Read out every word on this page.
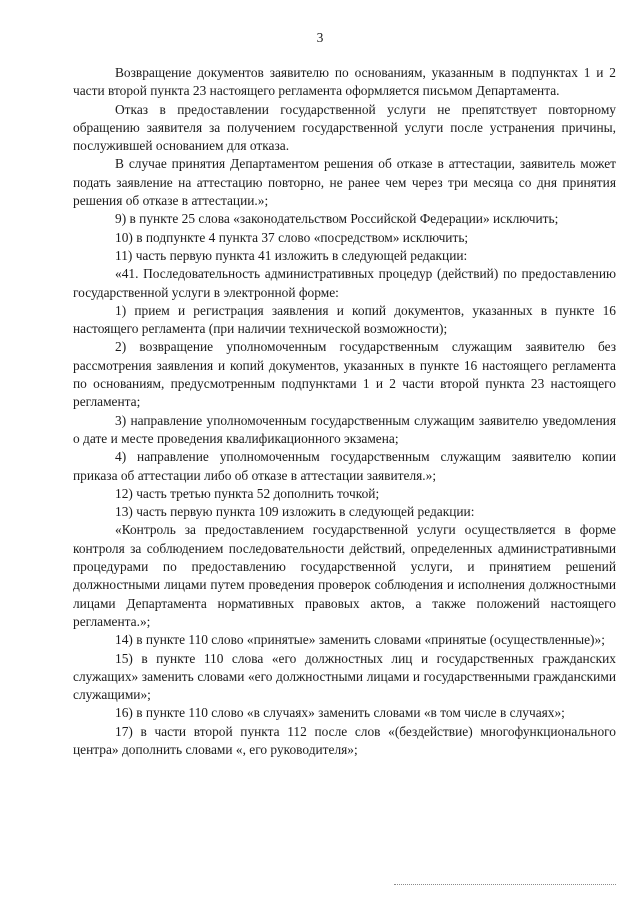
3

Возвращение документов заявителю по основаниям, указанным в подпунктах 1 и 2 части второй пункта 23 настоящего регламента оформляется письмом Департамента.

Отказ в предоставлении государственной услуги не препятствует повторному обращению заявителя за получением государственной услуги после устранения причины, послужившей основанием для отказа.

В случае принятия Департаментом решения об отказе в аттестации, заявитель может подать заявление на аттестацию повторно, не ранее чем через три месяца со дня принятия решения об отказе в аттестации.»;

9) в пункте 25 слова «законодательством Российской Федерации» исключить;

10) в подпункте 4 пункта 37 слово «посредством» исключить;

11) часть первую пункта 41 изложить в следующей редакции:

«41. Последовательность административных процедур (действий) по предоставлению государственной услуги в электронной форме:

1) прием и регистрация заявления и копий документов, указанных в пункте 16 настоящего регламента (при наличии технической возможности);

2) возвращение уполномоченным государственным служащим заявителю без рассмотрения заявления и копий документов, указанных в пункте 16 настоящего регламента по основаниям, предусмотренным подпунктами 1 и 2 части второй пункта 23 настоящего регламента;

3) направление уполномоченным государственным служащим заявителю уведомления о дате и месте проведения квалификационного экзамена;

4) направление уполномоченным государственным служащим заявителю копии приказа об аттестации либо об отказе в аттестации заявителя.»;

12) часть третью пункта 52 дополнить точкой;

13) часть первую пункта 109 изложить в следующей редакции:

«Контроль за предоставлением государственной услуги осуществляется в форме контроля за соблюдением последовательности действий, определенных административными процедурами по предоставлению государственной услуги, и принятием решений должностными лицами путем проведения проверок соблюдения и исполнения должностными лицами Департамента нормативных правовых актов, а также положений настоящего регламента.»;

14) в пункте 110 слово «принятые» заменить словами «принятые (осуществленные)»;

15) в пункте 110 слова «его должностных лиц и государственных гражданских служащих» заменить словами «его должностными лицами и государственными гражданскими служащими»;

16) в пункте 110 слово «в случаях» заменить словами «в том числе в случаях»;

17) в части второй пункта 112 после слов «(бездействие) многофункционального центра» дополнить словами «, его руководителя»;
